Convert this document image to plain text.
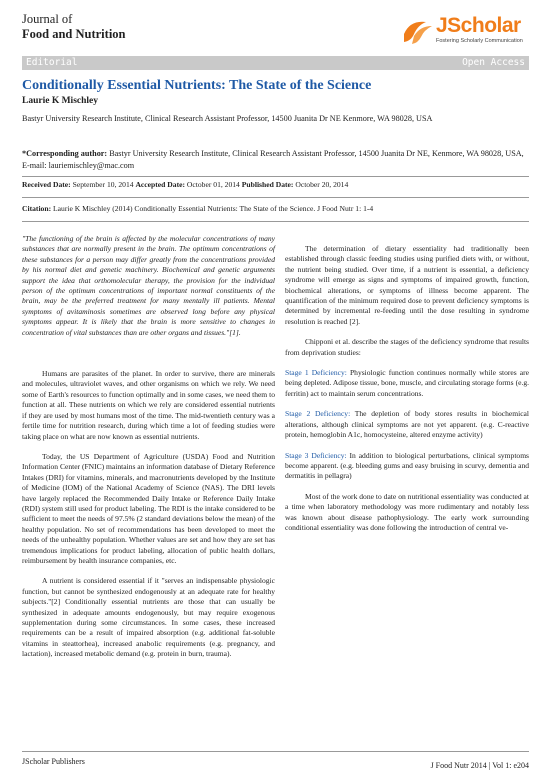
Journal of
Food and Nutrition	JScholar
Fostering Scholarly Communication
Editorial	Open Access
Conditionally Essential Nutrients: The State of the Science
Laurie K Mischley
Bastyr University Research Institute, Clinical Research Assistant Professor, 14500 Juanita Dr NE Kenmore, WA 98028, USA
*Corresponding author: Bastyr University Research Institute, Clinical Research Assistant Professor, 14500 Juanita Dr NE, Kenmore, WA 98028, USA, E-mail: lauriemischley@mac.com
Received Date: September 10, 2014 Accepted Date: October 01, 2014 Published Date: October 20, 2014
Citation: Laurie K Mischley (2014) Conditionally Essential Nutrients: The State of the Science. J Food Nutr 1: 1-4

"The functioning of the brain is affected by the molecular concentrations of many substances that are normally present in the brain. The optimum concentrations of these substances for a person may differ greatly from the concentrations provided by his normal diet and genetic machinery. Biochemical and genetic arguments support the idea that orthomolecular therapy, the provision for the individual person of the optimum concentrations of important normal constituents of the brain, may be the preferred treatment for many mentally ill patients. Mental symptoms of avitaminosis sometimes are observed long before any physical symptoms appear. It is likely that the brain is more sensitive to changes in concentration of vital substances than are other organs and tissues."[1].

Humans are parasites of the planet. In order to survive, there are minerals and molecules, ultraviolet waves, and other organisms on which we rely. We need some of Earth's resources to function optimally and in some cases, we need them to function at all. These nutrients on which we rely are considered essential nutrients if they are used by most humans most of the time. The mid-twentieth century was a fertile time for nutrition research, during which time a lot of feeding studies were taking place on what are now known as essential nutrients.

Today, the US Department of Agriculture (USDA) Food and Nutrition Information Center (FNIC) maintains an information database of Dietary Reference Intakes (DRI) for vitamins, minerals, and macronutrients developed by the Institute of Medicine (IOM) of the National Academy of Science (NAS). The DRI levels have largely replaced the Recommended Daily Intake or Reference Daily Intake (RDI) system still used for product labeling. The RDI is the intake considered to be sufficient to meet the needs of 97.5% (2 standard deviations below the mean) of the healthy population. No set of recommendations has been developed to meet the needs of the unhealthy population. Whether values are set and how they are set has tremendous implications for product labeling, allocation of public health dollars, reimbursement by health insurance companies, etc.

A nutrient is considered essential if it "serves an indispensable physiologic function, but cannot be synthesized endogenously at an adequate rate for healthy subjects."[2] Conditionally essential nutrients are those that can usually be synthesized in adequate amounts endogenously, but may require exogenous supplementation during some circumstances. In some cases, these increased requirements can be a result of impaired absorption (e.g. additional fat-soluble vitamins in steattorhea), increased anabolic requirements (e.g. pregnancy, and lactation), increased metabolic demand (e.g. protein in burn, trauma).

The determination of dietary essentiality had traditionally been established through classic feeding studies using purified diets with, or without, the nutrient being studied. Over time, if a nutrient is essential, a deficiency syndrome will emerge as signs and symptoms of impaired growth, function, biochemical alterations, or symptoms of illness become apparent. The quantification of the minimum required dose to prevent deficiency symptoms is determined by incremental re-feeding until the dose resulting in syndrome resolution is reached [2].

Chipponi et al. describe the stages of the deficiency syndrome that results from deprivation studies:

Stage 1 Deficiency: Physiologic function continues normally while stores are being depleted. Adipose tissue, bone, muscle, and circulating storage forms (e.g. ferritin) act to maintain serum concentrations.

Stage 2 Deficiency: The depletion of body stores results in biochemical alterations, although clinical symptoms are not yet apparent. (e.g. C-reactive protein, hemoglobin A1c, homocysteine, altered enzyme activity)

Stage 3 Deficiency: In addition to biological perturbations, clinical symptoms become apparent. (e.g. bleeding gums and easy bruising in scurvy, dementia and dermatitis in pellagra)

Most of the work done to date on nutritional essentiality was conducted at a time when laboratory methodology was more rudimentary and notably less was known about disease pathophysiology. The early work surrounding conditional essentiality was done following the introduction of central ve-

JScholar Publishers	J Food Nutr 2014 | Vol 1: e204
